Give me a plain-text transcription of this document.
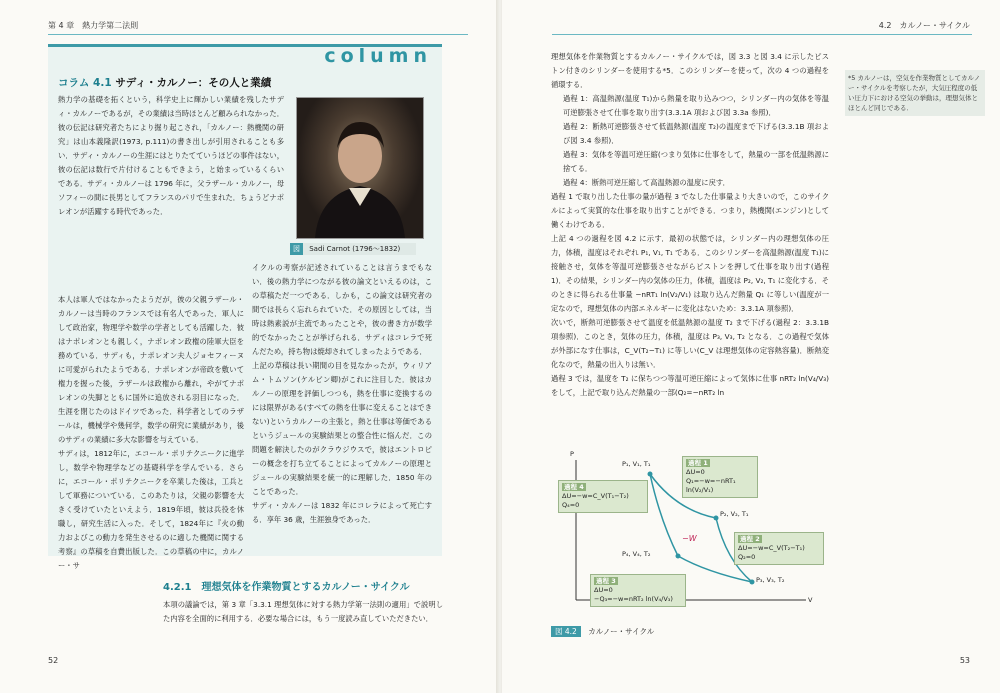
第 4 章　熱力学第二法則
column
コラム 4.1 サディ・カルノー：その人と業績
熱力学の基礎を拓くという，科学史上に輝かしい業績を残したサディ・カルノーであるが，その業績は当時ほとんど顧みられなかった．彼の伝記は研究者たちにより掘り起こされ，「カルノー：熱機関の研究」は山本義隆訳(1973, p.111)の書き出しが引用されることも多い．サディ・カルノーの生涯にはとりたてていうほどの事件はない，彼の伝記は数行で片付けることもできよう，と始まっているくらいである．サディ・カルノーは 1796 年に，父ラザール・カルノー，母ソフィーの間に長男としてフランスのパリで生まれた．ちょうどナポレオンが活躍する時代であった．
図 Sadi Carnot (1796～1832)
本人は軍人ではなかったようだが，彼の父親ラザール・カルノーは当時のフランスでは有名人であった．軍人にして政治家，物理学や数学の学者としても活躍した．彼はナポレオンとも親しく，ナポレオン政権の陸軍大臣を務めている．サディも，ナポレオン夫人ジョセフィーヌに可愛がられたようである．ナポレオンが帝政を敷いて権力を握った後，ラザールは政権から離れ，やがてナポレオンの失脚とともに国外に追放される羽目になった．生涯を閉じたのはドイツであった．科学者としてのラザールは，機械学や幾何学，数学の研究に業績があり，後のサディの業績に多大な影響を与えている．
サディは，1812年に，エコール・ポリテクニークに進学し，数学や物理学などの基礎科学を学んでいる．さらに，エコール・ポリテクニークを卒業した後は，工兵として軍務についている．このあたりは，父親の影響を大きく受けていたといえよう．1819年頃，彼は兵役を休職し，研究生活に入った．そして，1824年に『火の動力およびこの動力を発生させるのに適した機関に関する考察』の草稿を自費出版した．この草稿の中に，カルノー・サ
イクルの考察が記述されていることは言うまでもない．後の熱力学につながる彼の論文といえるのは，この草稿ただ一つである．しかも，この論文は研究者の間では長らく忘れられていた．その原因としては，当時は熱素説が主流であったことや，彼の書き方が数学的でなかったことが挙げられる．サディはコレラで死んだため，持ち物は焼却されてしまったようである．
上記の草稿は長い期間の目を見なかったが，ウィリアム・トムソン(ケルビン卿)がこれに注目した．彼はカルノーの原理を評価しつつも，熱を仕事に変換するのには限界がある(すべての熱を仕事に変えることはできない)というカルノーの主張と，熱と仕事は等価であるというジュールの実験結果との整合性に悩んだ．この問題を解決したのがクラウジウスで，彼はエントロピーの概念を打ち立てることによってカルノーの原理とジュールの実験結果を統一的に理解した．1850 年のことであった．
サディ・カルノーは 1832 年にコレラによって死亡する．享年 36 歳，生涯独身であった．
4.2.1　理想気体を作業物質とするカルノー・サイクル
本項の議論では，第 3 章「3.3.1 理想気体に対する熱力学第一法則の適用」で説明した内容を全面的に利用する．必要な場合には，もう一度読み直していただきたい．
52
4.2　カルノー・サイクル
53
理想気体を作業物質とするカルノー・サイクルでは，図 3.3 と図 3.4 に示したピストン付きのシリンダーを使用する*5．このシリンダーを使って，次の 4 つの過程を循環する．
過程 1：高温熱源(温度 T₁)から熱量を取り込みつつ，シリンダー内の気体を等温可逆膨張させて仕事を取り出す(3.3.1A 項および図 3.3a 参照)．
過程 2：断熱可逆膨張させて低温熱源(温度 T₂)の温度まで下げる(3.3.1B 項および図 3.4 参照)．
過程 3：気体を等温可逆圧縮(つまり気体に仕事をして，熱量の一部を低温熱源に捨てる．
過程 4：断熱可逆圧縮して高温熱源の温度に戻す．
過程 1 で取り出した仕事の量が過程 3 でなした仕事量より大きいので，このサイクルによって実質的な仕事を取り出すことができる．つまり，熱機関(エンジン)として働くわけである．
上記 4 つの過程を図 4.2 に示す．最初の状態では，シリンダー内の理想気体の圧力，体積，温度はそれぞれ P₁, V₁, T₁ である．このシリンダーを高温熱源(温度 T₁)に接触させ，気体を等温可逆膨張させながらピストンを押して仕事を取り出す(過程 1)．その結果，シリンダー内の気体の圧力，体積，温度は P₂, V₂, T₁ に変化する．そのときに得られる仕事量 −nRT₁ ln(V₂/V₁) は取り込んだ熱量 Q₁ に等しい(温度が一定なので，理想気体の内部エネルギーに変化はないため：3.3.1A 項参照)．
次いで，断熱可逆膨張させて温度を低温熱源の温度 T₂ まで下げる(過程 2：3.3.1B 項参照)．このとき，気体の圧力，体積，温度は P₃, V₃, T₂ となる．この過程で気体が外部になす仕事は，C_V(T₂−T₁) に等しい(C_V は理想気体の定容熱容量)．断熱変化なので，熱量の出入りは無い．
過程 3 では，温度を T₂ に保ちつつ等温可逆圧縮によって気体に仕事 nRT₂ ln(V₄/V₃) をして，上記で取り込んだ熱量の一部(Q₂=−nRT₂ ln
*5 カルノーは，空気を作業物質としてカルノー・サイクルを考察したが，大気圧程度の低い圧力下における空気の挙動は，理想気体とほとんど同じである．
P
V
P₁, V₁, T₁
P₂, V₂, T₁
P₃, V₃, T₂
P₄, V₄, T₂
−W
過程 1
ΔU=0
Q₁=−w=−nRT₁ ln(V₂/V₁)
過程 2
ΔU=−w=C_V(T₂−T₁)
Q₂=0
過程 3
ΔU=0
−Q₃=−w=nRT₂ ln(V₄/V₃)
過程 4
ΔU=−w=C_V(T₁−T₂)
Q₄=0
図 4.2 カルノー・サイクル
